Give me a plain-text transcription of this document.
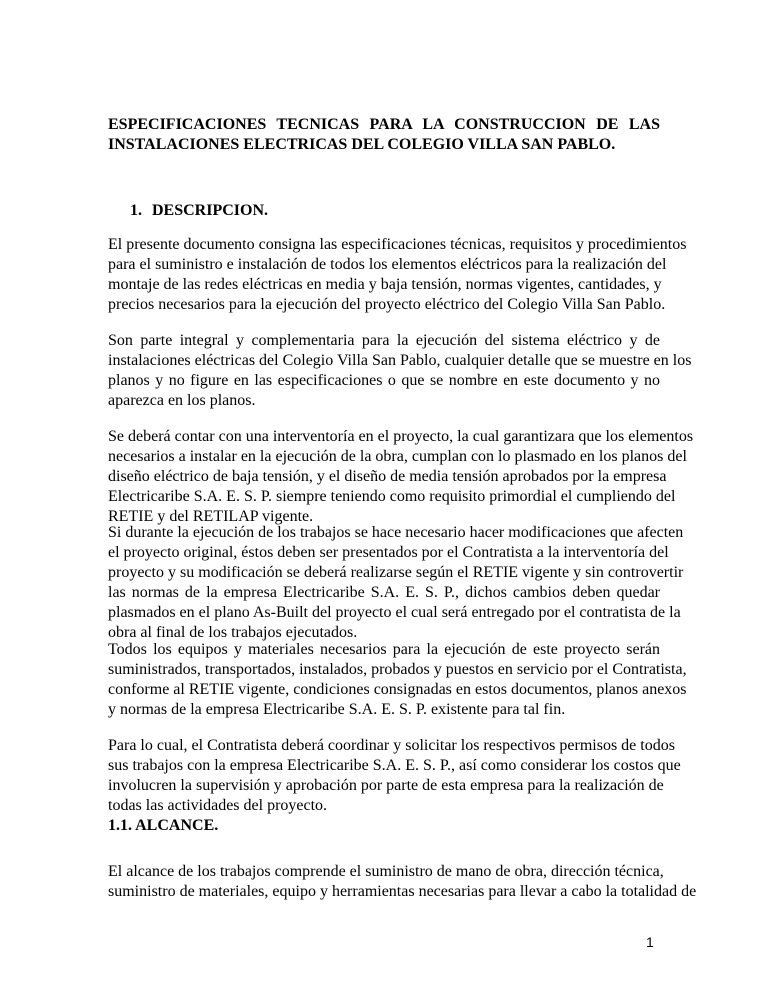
ESPECIFICACIONES TECNICAS PARA LA CONSTRUCCION DE LAS
INSTALACIONES ELECTRICAS DEL COLEGIO VILLA SAN PABLO.
1. DESCRIPCION.
El presente documento consigna las especificaciones técnicas, requisitos y procedimientos
para el suministro e instalación de todos los elementos eléctricos para la realización del
montaje de las redes eléctricas en media y baja tensión, normas vigentes, cantidades, y
precios necesarios para la ejecución del proyecto eléctrico del Colegio Villa San Pablo.
Son parte integral y complementaria para la ejecución del sistema eléctrico y de
instalaciones eléctricas del Colegio Villa San Pablo, cualquier detalle que se muestre en los
planos y no figure en las especificaciones o que se nombre en este documento y no
aparezca en los planos.
Se deberá contar con una interventoría en el proyecto, la cual garantizara que los elementos
necesarios a instalar en la ejecución de la obra, cumplan con lo plasmado en los planos del
diseño eléctrico de baja tensión, y el diseño de media tensión aprobados por la empresa
Electricaribe S.A. E. S. P. siempre teniendo como requisito primordial el cumpliendo del
RETIE y del RETILAP vigente.
Si durante la ejecución de los trabajos se hace necesario hacer modificaciones que afecten
el proyecto original, éstos deben ser presentados por el Contratista a la interventoría del
proyecto y su modificación se deberá realizarse según el RETIE vigente y sin controvertir
las normas de la empresa Electricaribe S.A. E. S. P., dichos cambios deben quedar
plasmados en el plano As-Built del proyecto el cual será entregado por el contratista de la
obra al final de los trabajos ejecutados.
Todos los equipos y materiales necesarios para la ejecución de este proyecto serán
suministrados, transportados, instalados, probados y puestos en servicio por el Contratista,
conforme al RETIE vigente, condiciones consignadas en estos documentos, planos anexos
y normas de la empresa Electricaribe S.A. E. S. P. existente para tal fin.
Para lo cual, el Contratista deberá coordinar y solicitar los respectivos permisos de todos
sus trabajos con la empresa Electricaribe S.A. E. S. P., así como considerar los costos que
involucren la supervisión y aprobación por parte de esta empresa para la realización de
todas las actividades del proyecto.
1.1. ALCANCE.
El alcance de los trabajos comprende el suministro de mano de obra, dirección técnica,
suministro de materiales, equipo y herramientas necesarias para llevar a cabo la totalidad de
1
